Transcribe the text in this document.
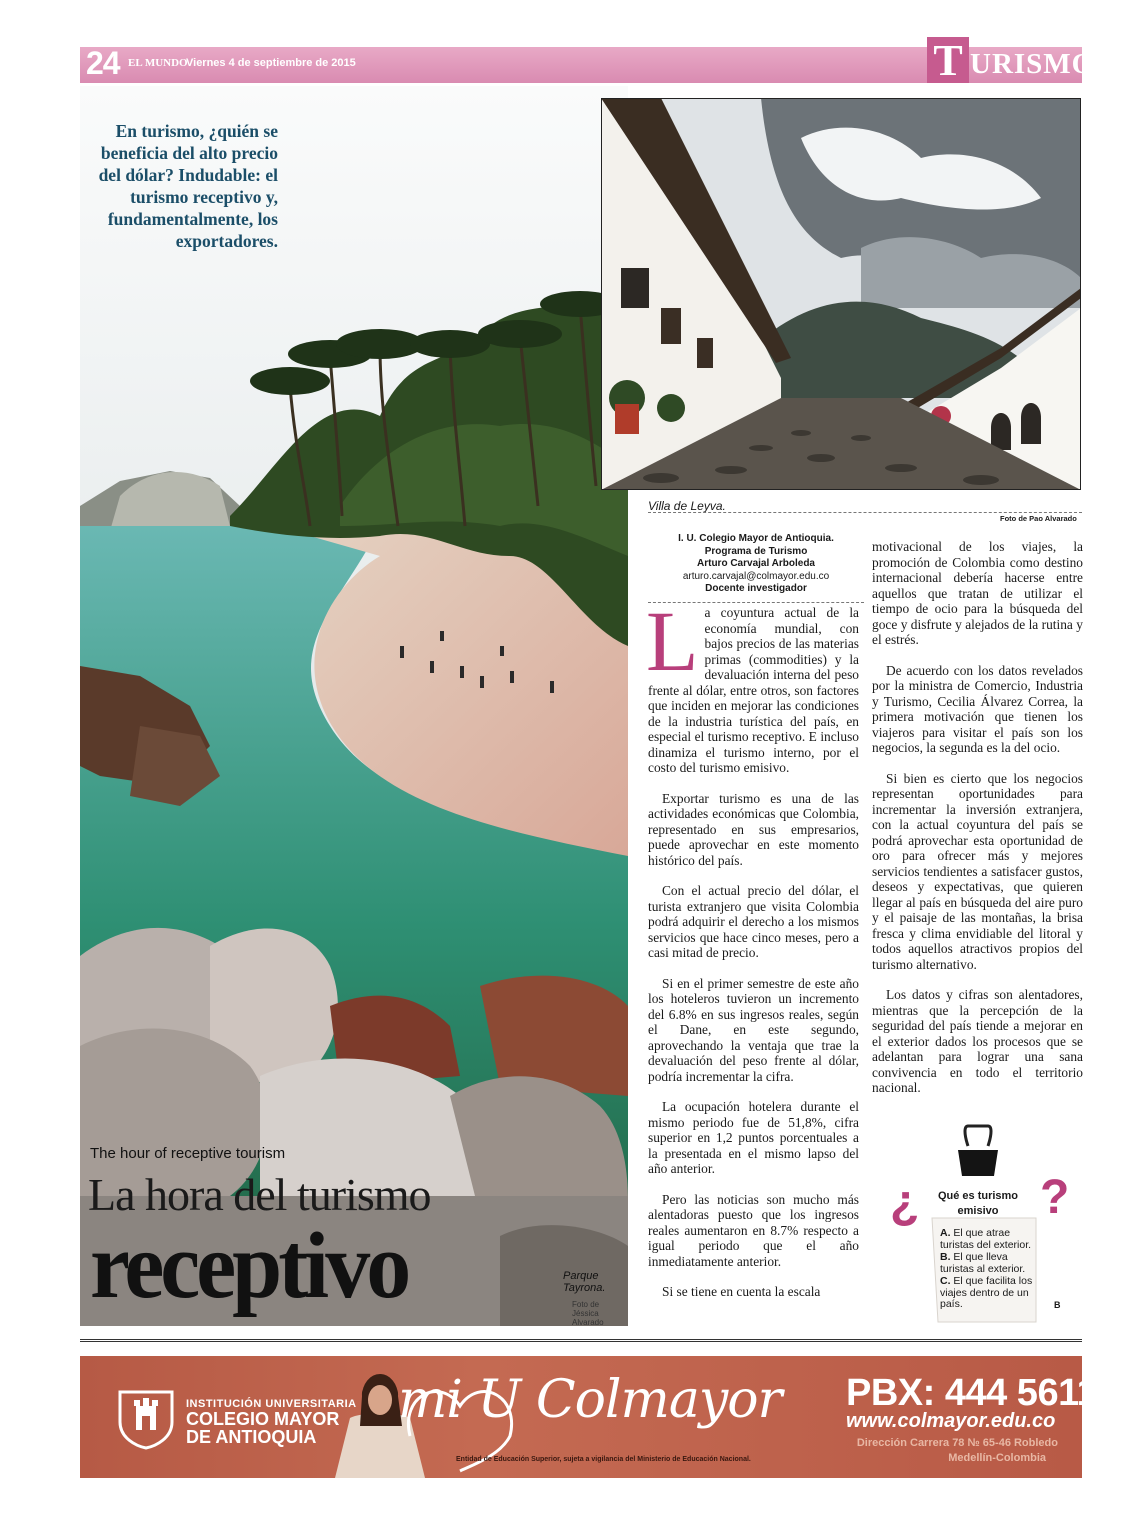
24 EL MUNDO
Viernes 4 de septiembre de 2015	T URISMO
En turismo, ¿quién se beneficia del alto precio del dólar? Indudable: el turismo receptivo y, fundamentalmente, los exportadores.
The hour of receptive tourism
La hora del turismo
receptivo	Parque Tayrona.
Foto de Jéssica Alvarado
Villa de Leyva.
Foto de Pao Alvarado
I. U. Colegio Mayor de Antioquia.
Programa de Turismo
Arturo Carvajal Arboleda
arturo.carvajal@colmayor.edu.co
Docente investigador

La coyuntura actual de la economía mundial, con bajos precios de las materias primas (commodities) y la devaluación interna del peso frente al dólar, entre otros, son factores que inciden en mejorar las condiciones de la industria turística del país, en especial el turismo receptivo. E incluso dinamiza el turismo interno, por el costo del turismo emisivo.

Exportar turismo es una de las actividades económicas que Colombia, representado en sus empresarios, puede aprovechar en este momento histórico del país.

Con el actual precio del dólar, el turista extranjero que visita Colombia podrá adquirir el derecho a los mismos servicios que hace cinco meses, pero a casi mitad de precio.

Si en el primer semestre de este año los hoteleros tuvieron un incremento del 6.8% en sus ingresos reales, según el Dane, en este segundo, aprovechando la ventaja que trae la devaluación del peso frente al dólar, podría incrementar la cifra.

La ocupación hotelera durante el mismo periodo fue de 51,8%, cifra superior en 1,2 puntos porcentuales a la presentada en el mismo lapso del año anterior.

Pero las noticias son mucho más alentadoras puesto que los ingresos reales aumentaron en 8.7% respecto a igual periodo que el año inmediatamente anterior.

Si se tiene en cuenta la escala

motivacional de los viajes, la promoción de Colombia como destino internacional debería hacerse entre aquellos que tratan de utilizar el tiempo de ocio para la búsqueda del goce y disfrute y alejados de la rutina y el estrés.

De acuerdo con los datos revelados por la ministra de Comercio, Industria y Turismo, Cecilia Álvarez Correa, la primera motivación que tienen los viajeros para visitar el país son los negocios, la segunda es la del ocio.

Si bien es cierto que los negocios representan oportunidades para incrementar la inversión extranjera, con la actual coyuntura del país se podrá aprovechar esta oportunidad de oro para ofrecer más y mejores servicios tendientes a satisfacer gustos, deseos y expectativas, que quieren llegar al país en búsqueda del aire puro y el paisaje de las montañas, la brisa fresca y clima envidiable del litoral y todos aquellos atractivos propios del turismo alternativo.

Los datos y cifras son alentadores, mientras que la percepción de la seguridad del país tiende a mejorar en el exterior dados los procesos que se adelantan para lograr una sana convivencia en todo el territorio nacional.

¿	?
Qué es turismo emisivo
A. El que atrae turistas del exterior.
B. El que lleva turistas al exterior.
C. El que facilita los viajes dentro de un país.	B
INSTITUCIÓN UNIVERSITARIA
COLEGIO MAYOR
DE ANTIOQUIA
mi U Colmayor
Entidad de Educación Superior, sujeta a vigilancia del Ministerio de Educación Nacional.
PBX: 444 5611
www.colmayor.edu.co
Dirección Carrera 78 № 65-46 Robledo
Medellín-Colombia
